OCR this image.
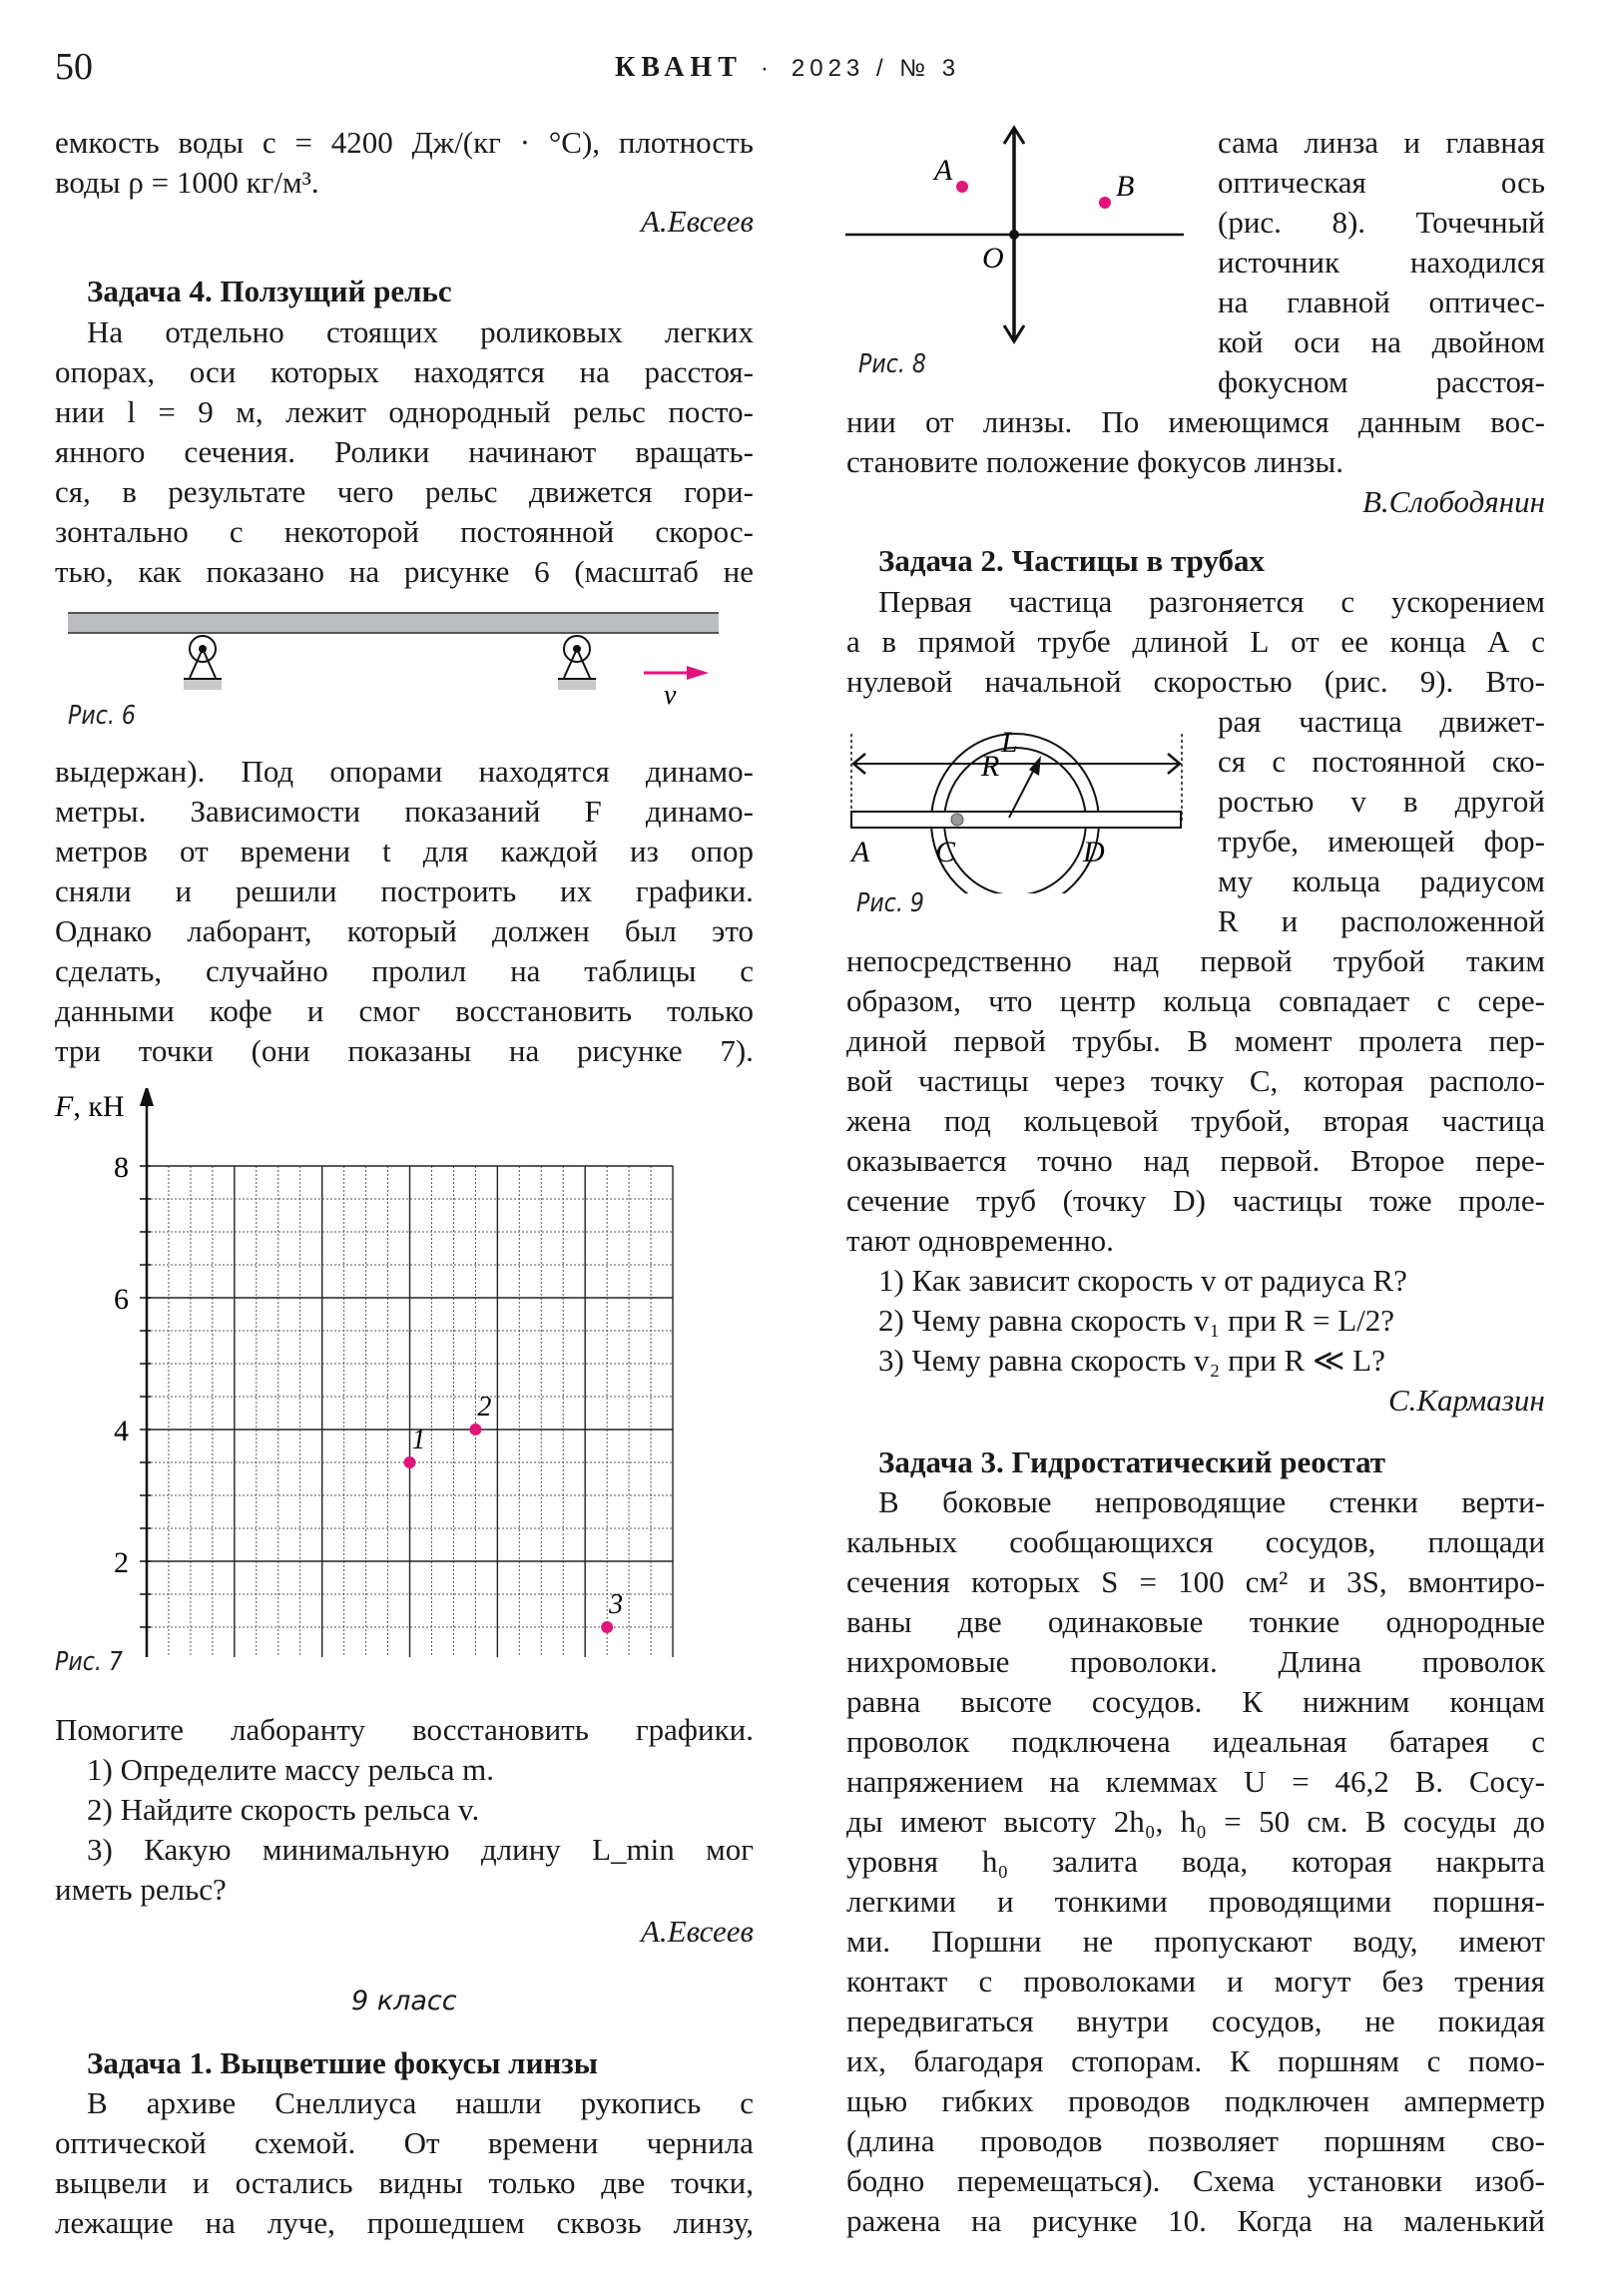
50	КВАНТ · 2023 / № 3
емкость воды c = 4200 Дж/(кг · °C), плотность
воды ρ = 1000 кг/м³.
А.Евсеев
Задача 4. Ползущий рельс
На отдельно стоящих роликовых легких
опорах, оси которых находятся на расстоя-
нии l = 9 м, лежит однородный рельс посто-
янного сечения. Ролики начинают вращать-
ся, в результате чего рельс движется гори-
зонтально с некоторой постоянной скорос-
тью, как показано на рисунке 6 (масштаб не
выдержан). Под опорами находятся динамо-
метры. Зависимости показаний F динамо-
метров от времени t для каждой из опор
сняли и решили построить их графики.
Однако лаборант, который должен был это
сделать, случайно пролил на таблицы с
данными кофе и смог восстановить только
три точки (они показаны на рисунке 7).
Помогите лаборанту восстановить графики.
1) Определите массу рельса m.
2) Найдите скорость рельса v.
3) Какую минимальную длину L_min мог
иметь рельс?
А.Евсеев
9 класс
Задача 1. Выцветшие фокусы линзы
В архиве Снеллиуса нашли рукопись с
оптической схемой. От времени чернила
выцвели и остались видны только две точки,
лежащие на луче, прошедшем сквозь линзу,
v
Рис. 6
2
4
6
8
F, кН
1
2
3
Рис. 7
сама линза и главная
оптическая	ось
(рис. 8). Точечный
источник находился
на главной оптичес-
кой оси на двойном
фокусном	расстоя-
нии от линзы. По имеющимся данным вос-
становите положение фокусов линзы.
В.Слободянин
Задача 2. Частицы в трубах
Первая частица разгоняется с ускорением
a в прямой трубе длиной L от ее конца A с
нулевой начальной скоростью (рис. 9). Вто-
рая частица движет-
ся с постоянной ско-
ростью v в другой
трубе, имеющей фор-
му кольца радиусом
R и расположенной
непосредственно над первой трубой таким
образом, что центр кольца совпадает с сере-
диной первой трубы. В момент пролета пер-
вой частицы через точку C, которая располо-
жена под кольцевой трубой, вторая частица
оказывается точно над первой. Второе пере-
сечение труб (точку D) частицы тоже проле-
тают одновременно.
1) Как зависит скорость v от радиуса R?
2) Чему равна скорость v₁ при R = L/2?
3) Чему равна скорость v₂ при R ≪ L?
С.Кармазин
Задача 3. Гидростатический реостат
В боковые непроводящие стенки верти-
кальных сообщающихся сосудов, площади
сечения которых S = 100 см² и 3S, вмонтиро-
ваны две одинаковые тонкие однородные
нихромовые проволоки. Длина проволок
равна высоте сосудов. К нижним концам
проволок подключена идеальная батарея с
напряжением на клеммах U = 46,2 В. Сосу-
ды имеют высоту 2h₀, h₀ = 50 см. В сосуды до
уровня h₀ залита вода, которая накрыта
легкими и тонкими проводящими поршня-
ми. Поршни не пропускают воду, имеют
контакт с проволоками и могут без трения
передвигаться внутри сосудов, не покидая
их, благодаря стопорам. К поршням с помо-
щью гибких проводов подключен амперметр
(длина проводов позволяет поршням сво-
бодно перемещаться). Схема установки изоб-
ражена на рисунке 10. Когда на маленький
A	B
O
Рис. 8
L
R
A C	D
Рис. 9
